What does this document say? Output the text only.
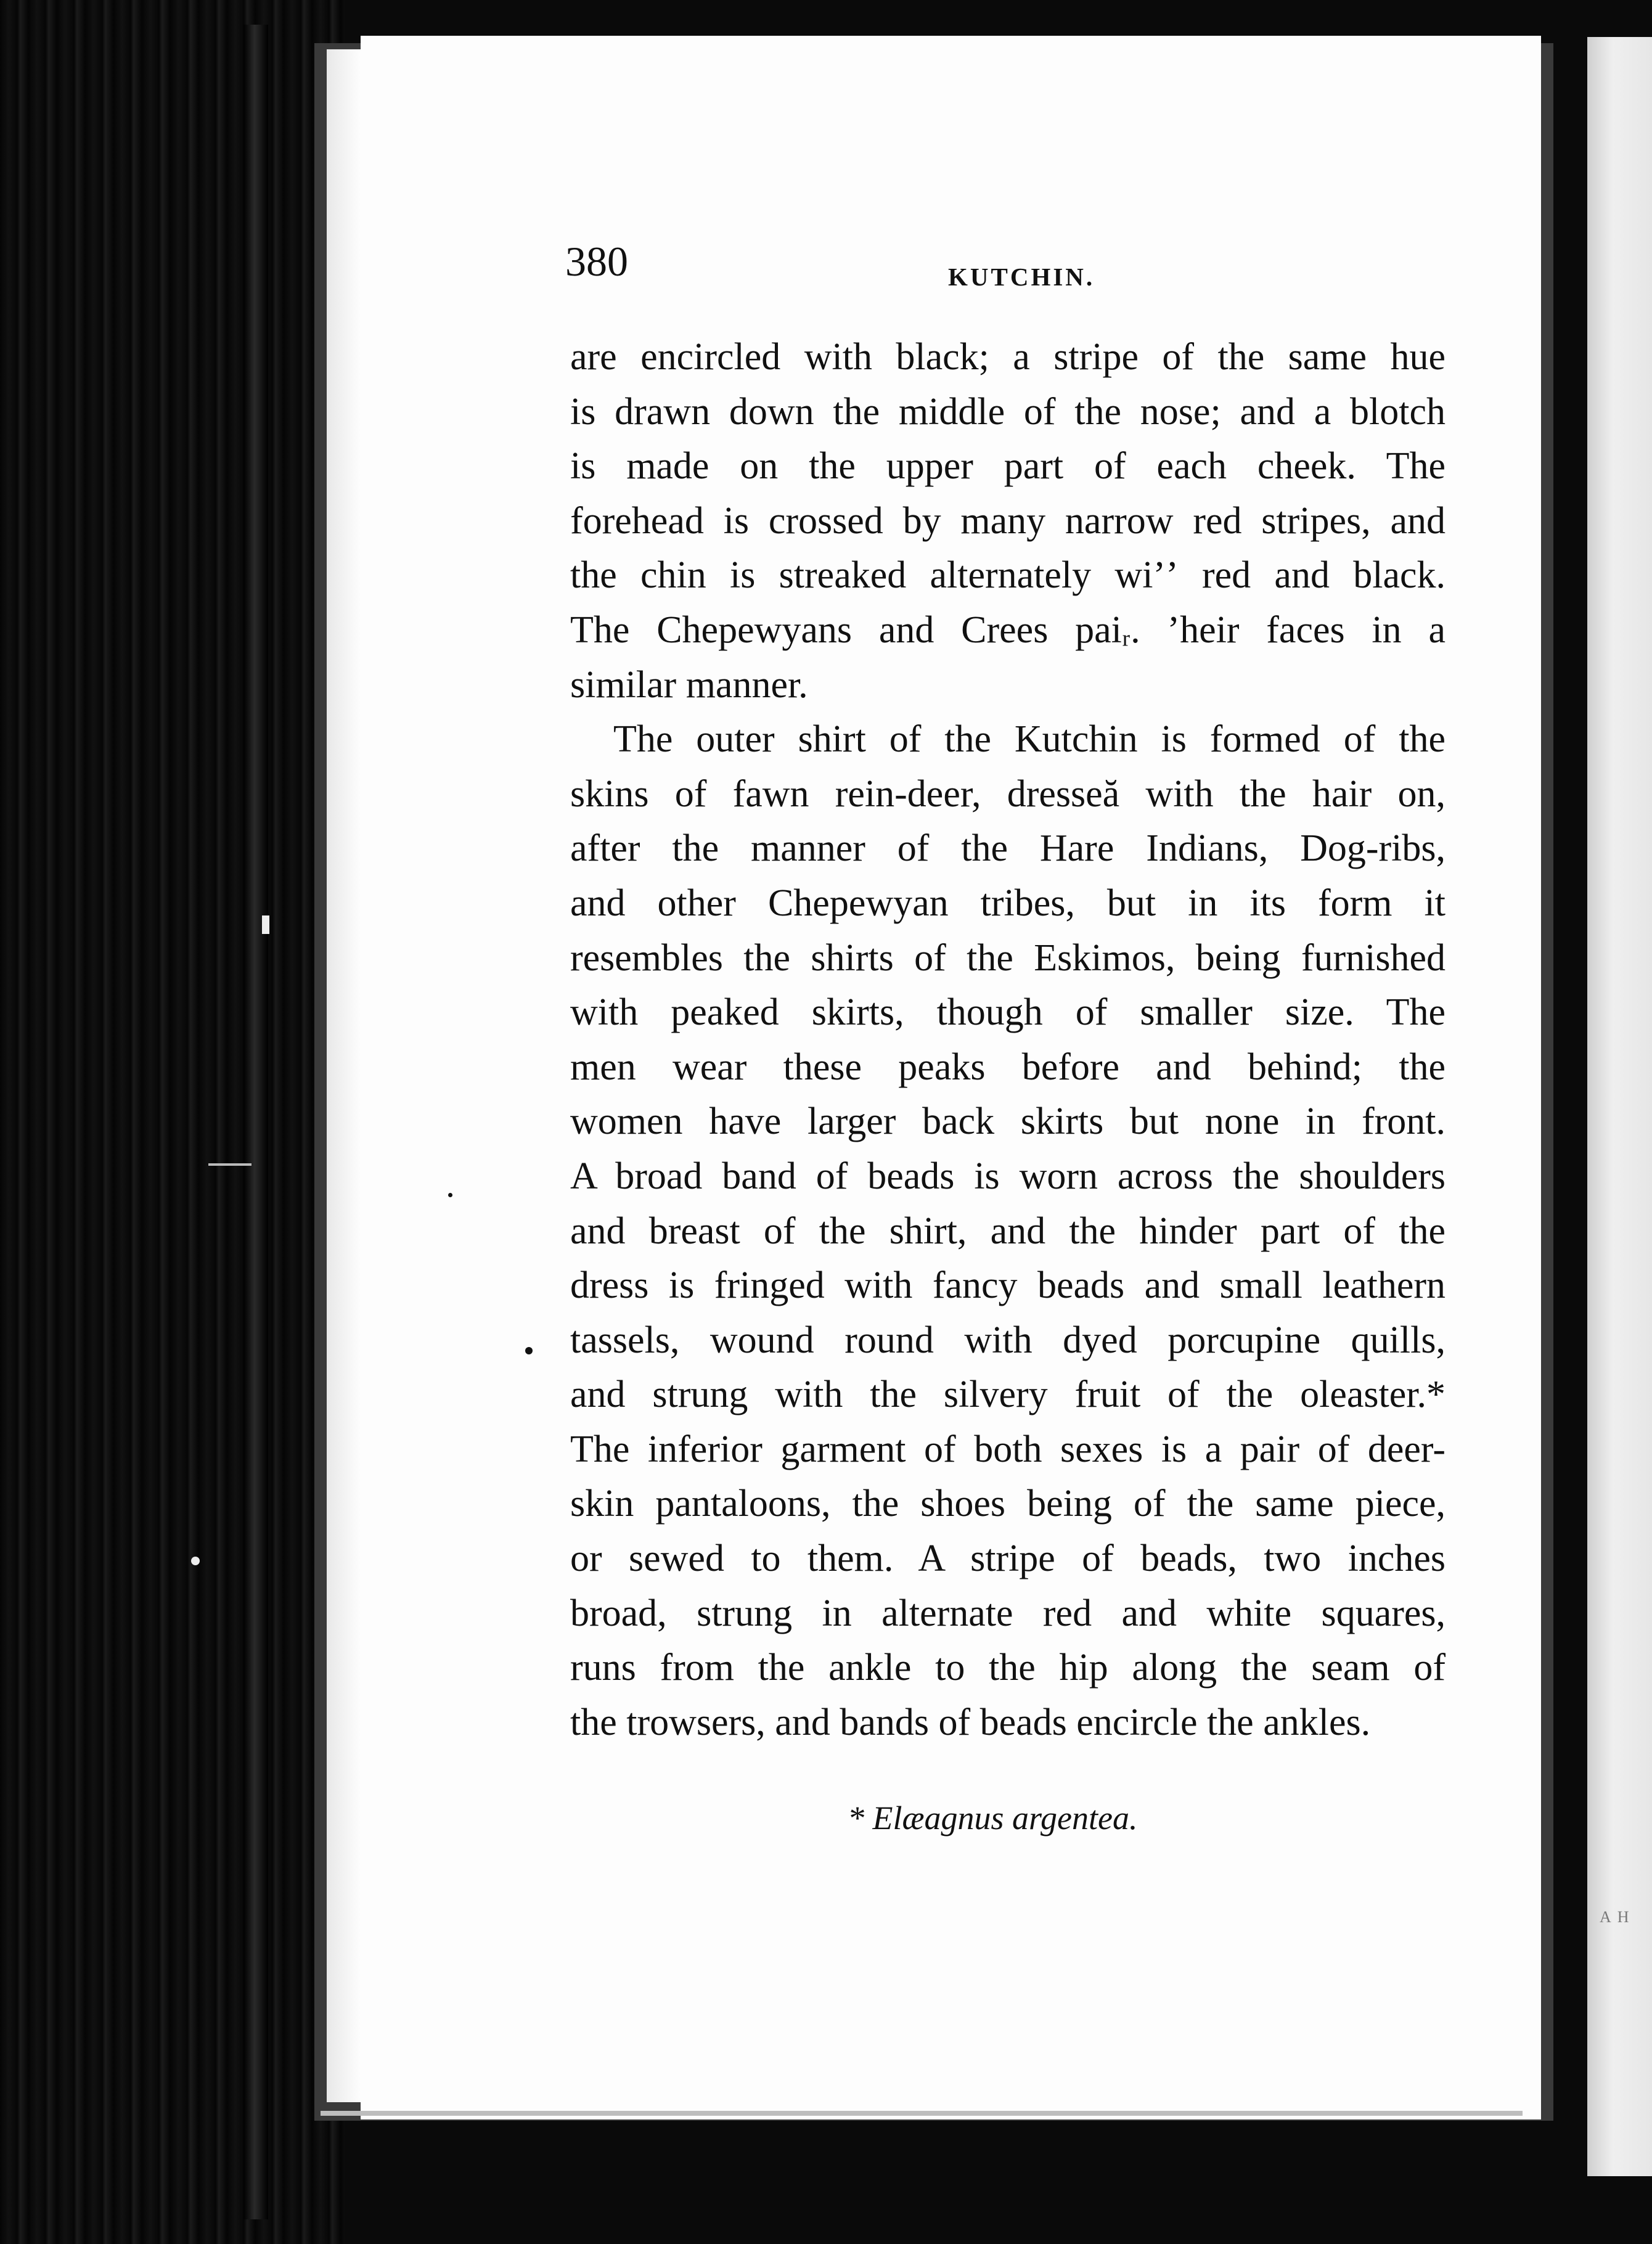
AH
380	KUTCHIN.
are encircled with black; a stripe of the same hue
is drawn down the middle of the nose; and a blotch
is made on the upper part of each cheek. The
forehead is crossed by many narrow red stripes, and
the chin is streaked alternately wiʼʼ red and black.
The Chepewyans and Crees paiᵣ. ʼheir faces in a
similar manner.
The outer shirt of the Kutchin is formed of the
skins of fawn rein-deer, dresseă with the hair on,
after the manner of the Hare Indians, Dog-ribs,
and other Chepewyan tribes, but in its form it
resembles the shirts of the Eskimos, being furnished
with peaked skirts, though of smaller size. The
men wear these peaks before and behind; the
women have larger back skirts but none in front.
A broad band of beads is worn across the shoulders
and breast of the shirt, and the hinder part of the
dress is fringed with fancy beads and small leathern
tassels, wound round with dyed porcupine quills,
and strung with the silvery fruit of the oleaster.*
The inferior garment of both sexes is a pair of deer-
skin pantaloons, the shoes being of the same piece,
or sewed to them. A stripe of beads, two inches
broad, strung in alternate red and white squares,
runs from the ankle to the hip along the seam of
the trowsers, and bands of beads encircle the ankles.
* Elæagnus argentea.
